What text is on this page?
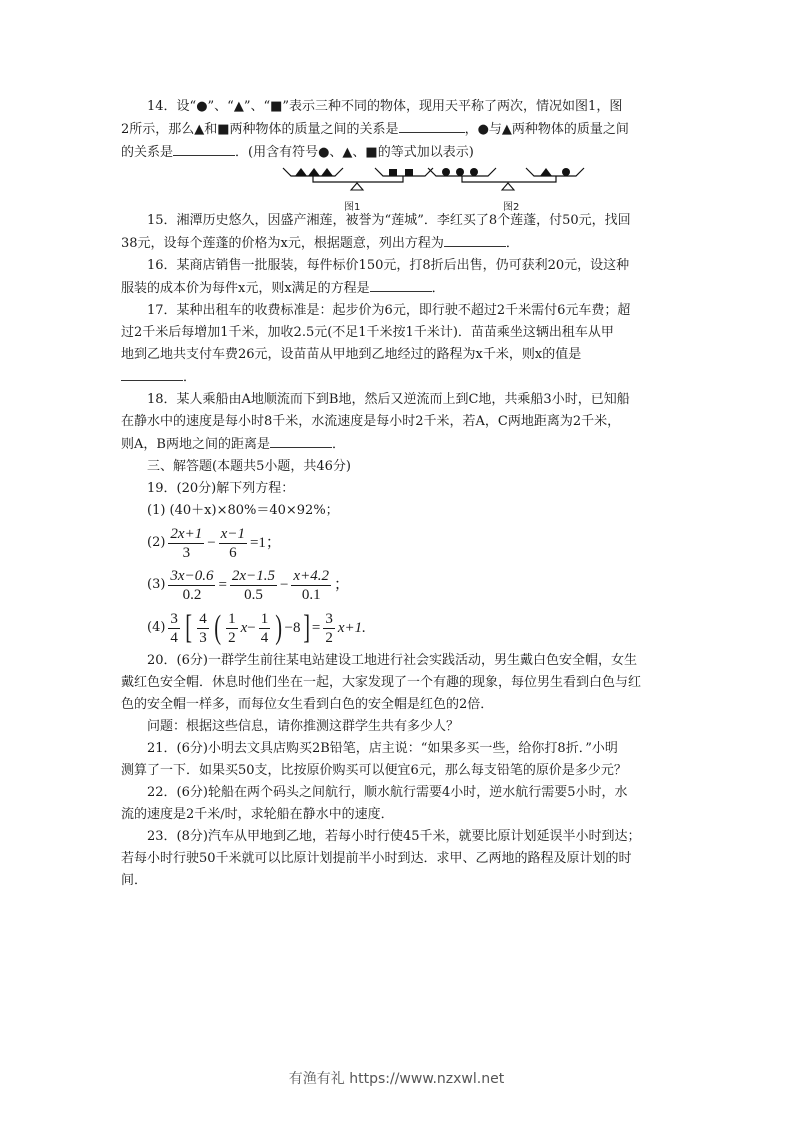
14．设“●”、“▲”、“■”表示三种不同的物体，现用天平称了两次，情况如图1，图

2所示，那么▲和■两种物体的质量之间的关系是	，●与▲两种物体的质量之间

的关系是	．(用含有符号●、▲、■的等式加以表示)

图1	图2

15．湘潭历史悠久，因盛产湘莲，被誉为“莲城”．李红买了8个莲蓬，付50元，找回

38元，设每个莲蓬的价格为x元，根据题意，列出方程为	．

16．某商店销售一批服装，每件标价150元，打8折后出售，仍可获利20元，设这种

服装的成本价为每件x元，则x满足的方程是	．

17．某种出租车的收费标准是：起步价为6元，即行驶不超过2千米需付6元车费；超

过2千米后每增加1千米，加收2.5元(不足1千米按1千米计)．苗苗乘坐这辆出租车从甲

地到乙地共支付车费26元，设苗苗从甲地到乙地经过的路程为x千米，则x的值是

．

18．某人乘船由A地顺流而下到B地，然后又逆流而上到C地，共乘船3小时，已知船

在静水中的速度是每小时8千米，水流速度是每小时2千米，若A，C两地距离为2千米，

则A，B两地之间的距离是	．

三、解答题(本题共5小题，共46分)

19．(20分)解下列方程：

(1) (40＋x)×80%＝40×92%；

$(2) \frac{2x+1}{3} - \frac{x-1}{6} =1$；
$(3) \frac{3x-0.6}{0.2} = \frac{2x-1.5}{0.5} - \frac{x+4.2}{0.1}$ ；
$(4) \frac{3}{4}$ [ $\frac{4}{3}$ ( $\frac{1}{2}$ $x - \frac{1}{4}$ ) −8 ] = $\frac{3}{2} x+1$.

20．(6分)一群学生前往某电站建设工地进行社会实践活动，男生戴白色安全帽，女生

戴红色安全帽．休息时他们坐在一起，大家发现了一个有趣的现象，每位男生看到白色与红

色的安全帽一样多，而每位女生看到白色的安全帽是红色的2倍．

问题：根据这些信息，请你推测这群学生共有多少人？

21．(6分)小明去文具店购买2B铅笔，店主说：“如果多买一些，给你打8折．”小明

测算了一下．如果买50支，比按原价购买可以便宜6元，那么每支铅笔的原价是多少元？

22．(6分)轮船在两个码头之间航行，顺水航行需要4小时，逆水航行需要5小时，水

流的速度是2千米/时，求轮船在静水中的速度．

23．(8分)汽车从甲地到乙地，若每小时行使45千米，就要比原计划延误半小时到达；

若每小时行驶50千米就可以比原计划提前半小时到达．求甲、乙两地的路程及原计划的时

间．

有渔有礼 https://www.nzxwl.net
